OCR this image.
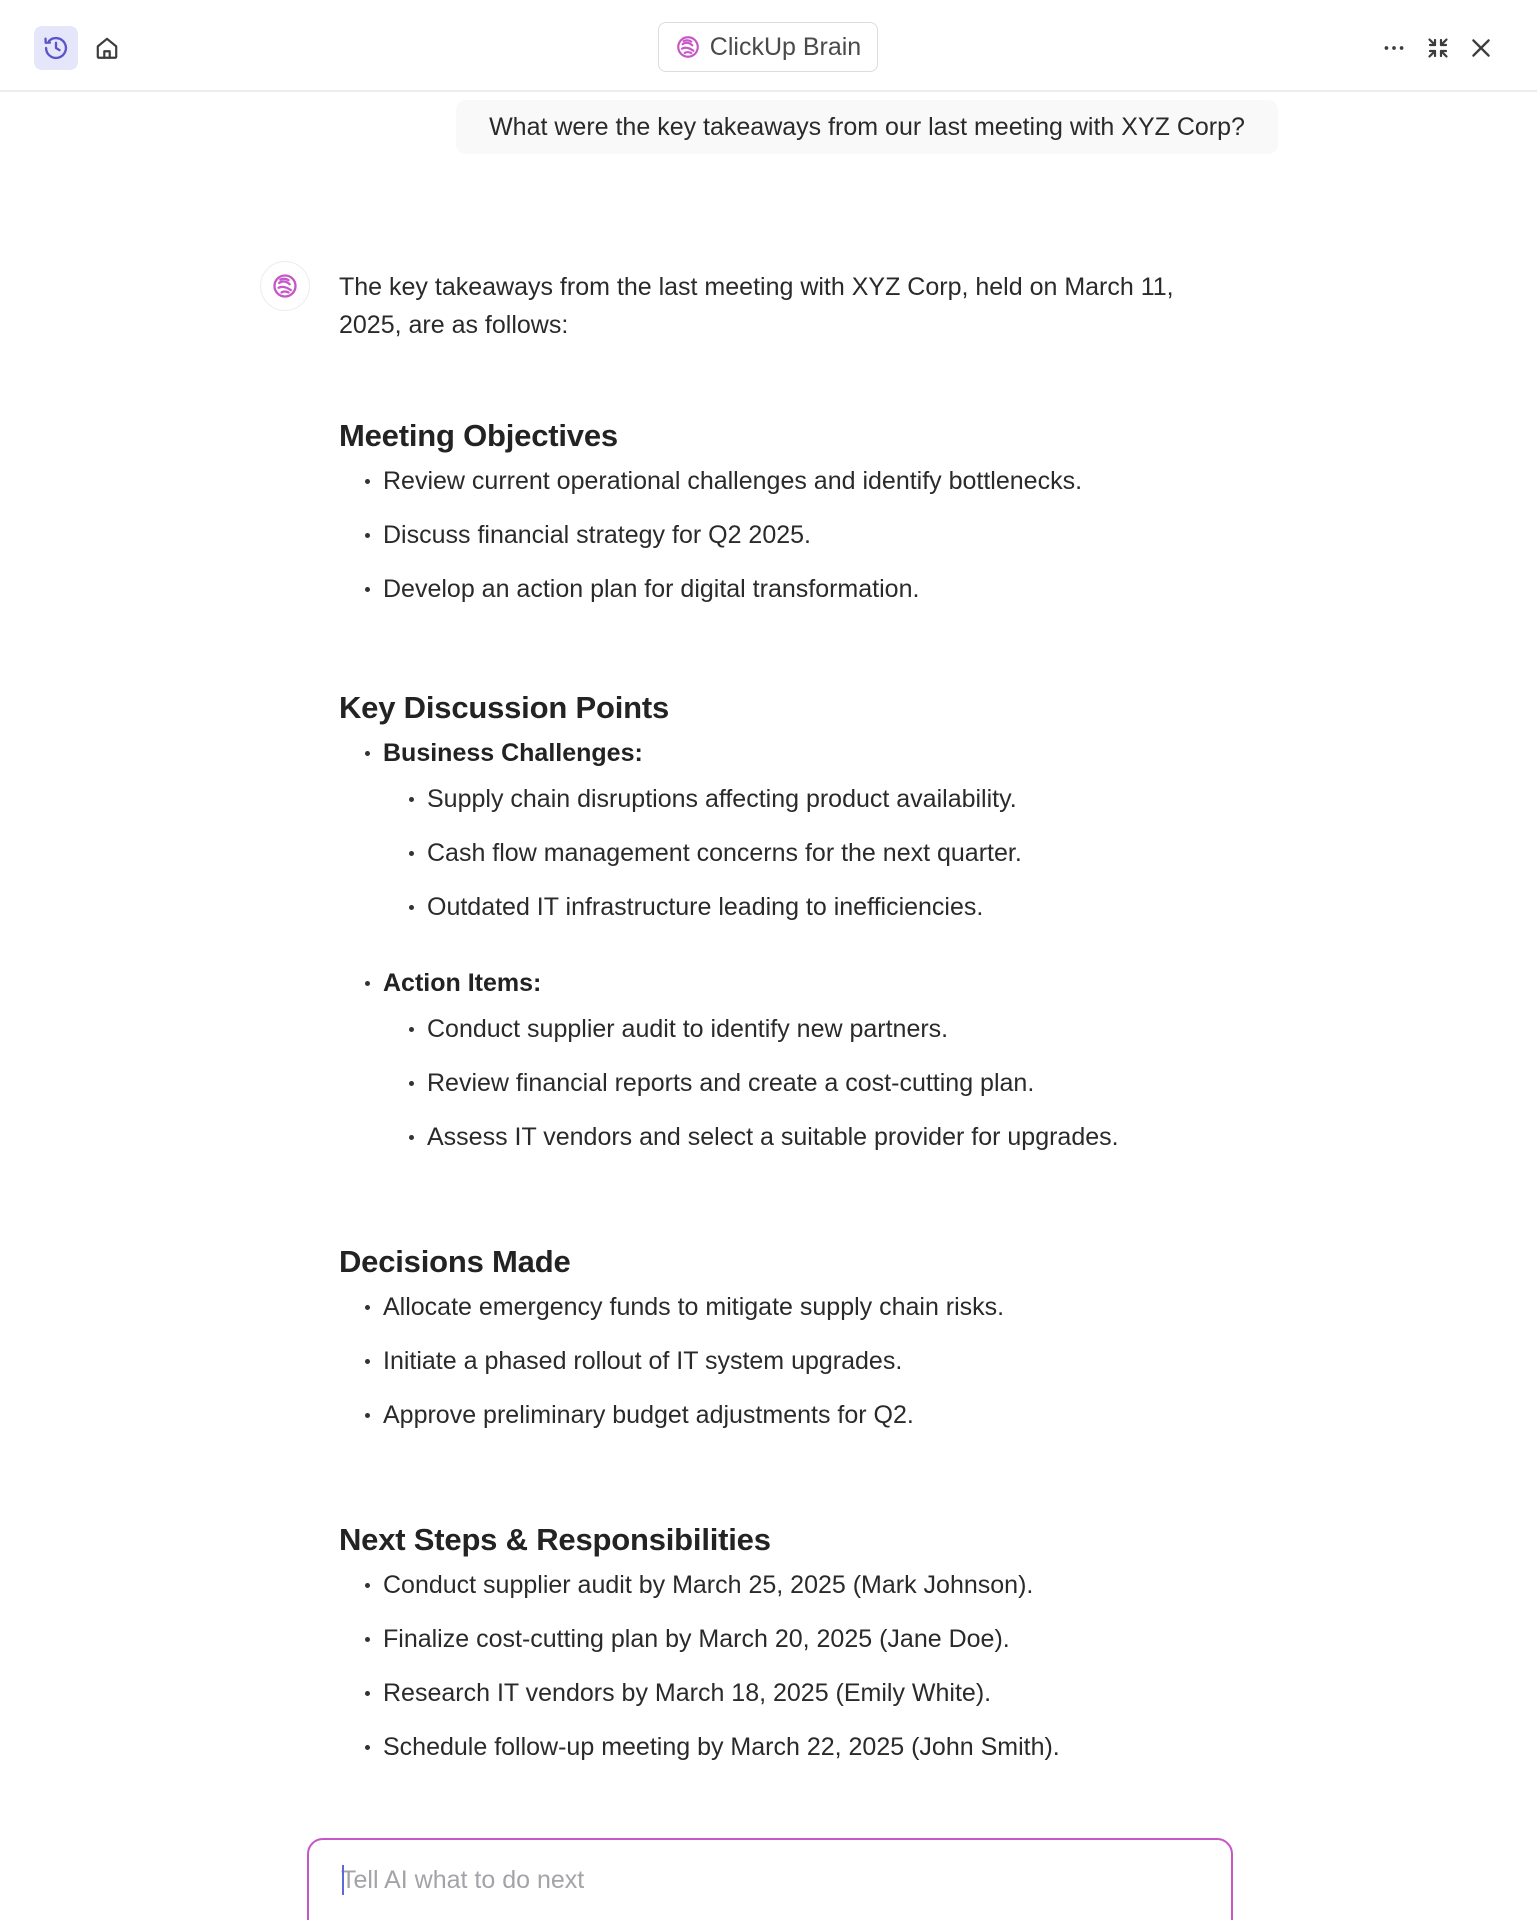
ClickUp Brain
What were the key takeaways from our last meeting with XYZ Corp?

The key takeaways from the last meeting with XYZ Corp, held on March 11,
2025, are as follows:

Meeting Objectives
Review current operational challenges and identify bottlenecks.
Discuss financial strategy for Q2 2025.
Develop an action plan for digital transformation.
Key Discussion Points
Business Challenges:
Supply chain disruptions affecting product availability.
Cash flow management concerns for the next quarter.
Outdated IT infrastructure leading to inefficiencies.
Action Items:
Conduct supplier audit to identify new partners.
Review financial reports and create a cost-cutting plan.
Assess IT vendors and select a suitable provider for upgrades.
Decisions Made
Allocate emergency funds to mitigate supply chain risks.
Initiate a phased rollout of IT system upgrades.
Approve preliminary budget adjustments for Q2.
Next Steps & Responsibilities
Conduct supplier audit by March 25, 2025 (Mark Johnson).
Finalize cost-cutting plan by March 20, 2025 (Jane Doe).
Research IT vendors by March 18, 2025 (Emily White).
Schedule follow-up meeting by March 22, 2025 (John Smith).
Tell AI what to do next
